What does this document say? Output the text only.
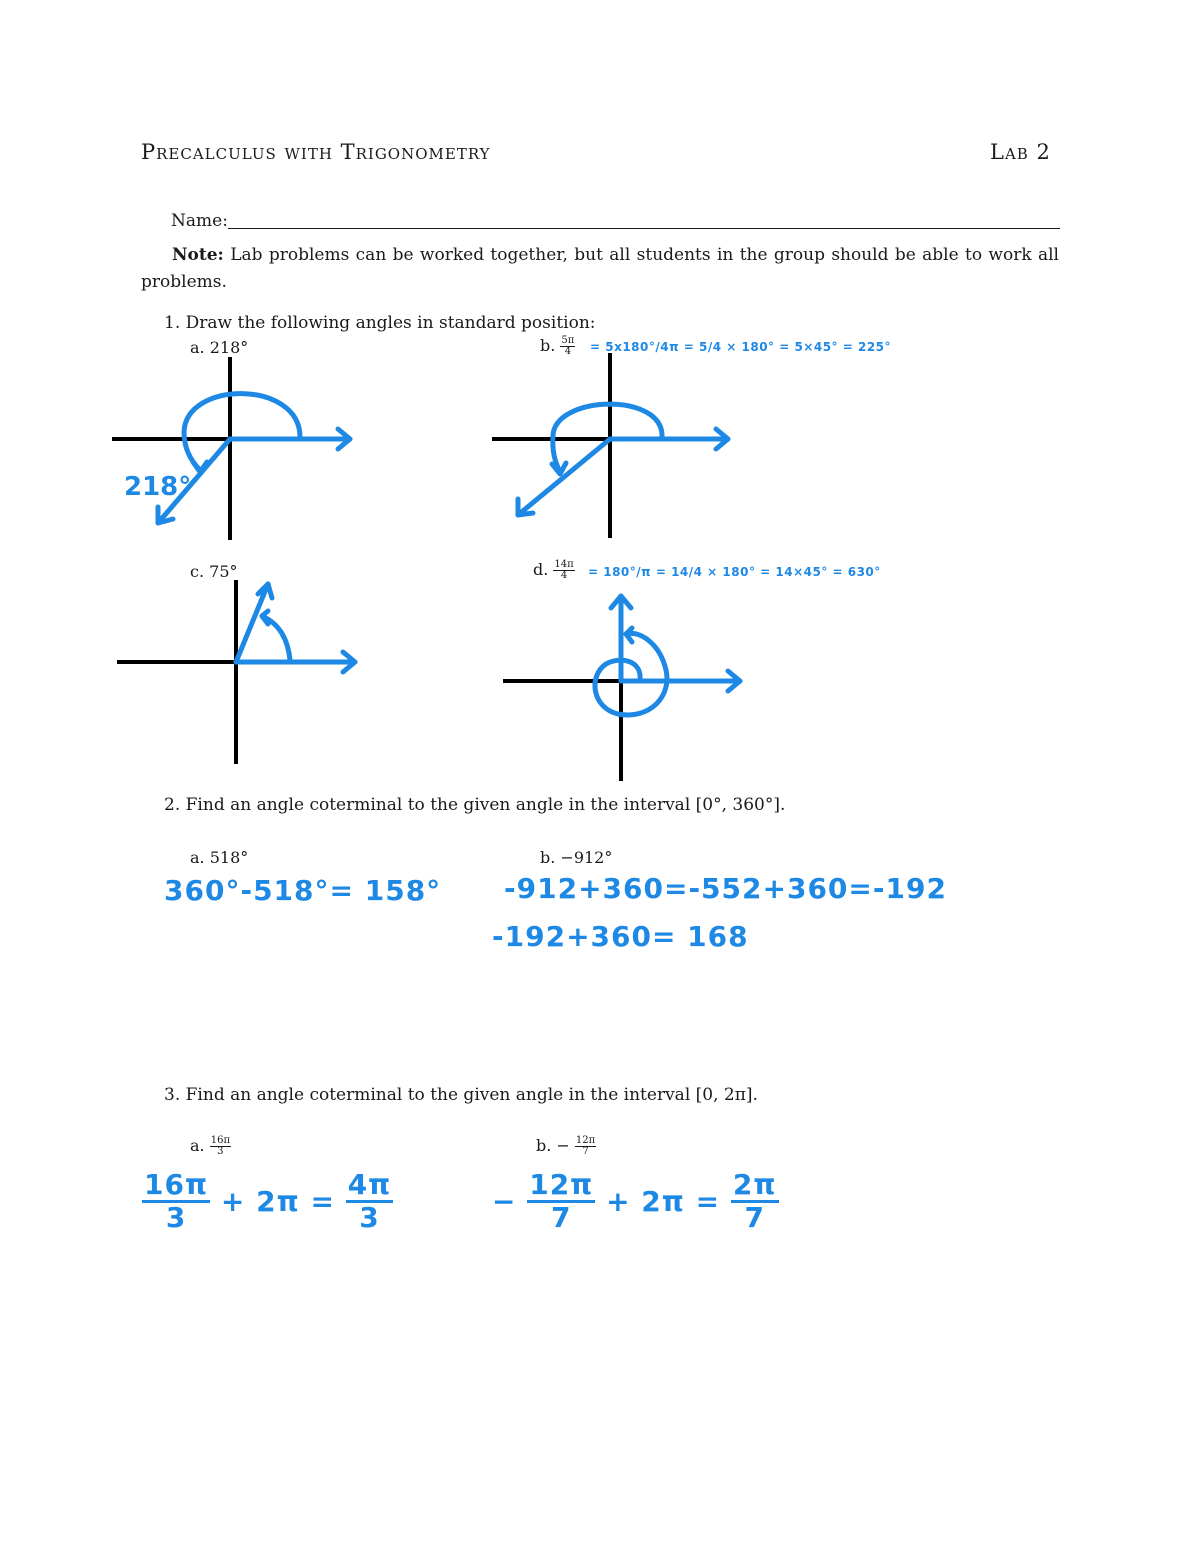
Precalculus with Trigonometry	Lab 2
Name:
Note: Lab problems can be worked together, but all students in the group should be able to work all problems.
1. Draw the following angles in standard position:
a. 218°	b. $\frac{5\pi}{4} = 5x180^\circ/4\pi = 5/4 \times 180^\circ = 5\times 45^\circ = 225^\circ$
218°
c. 75°	d. $\frac{14\pi}{4} = 180^\circ/\pi = 14/4 \times 180^\circ = 14\times 45^\circ = 630^\circ$
2. Find an angle coterminal to the given angle in the interval [0°, 360°].
a. 518°	b. −912°
360°-518°= 158° -912+360=-552+360=-192
-192+360= 168
3. Find an angle coterminal to the given angle in the interval [0, 2π].
a. $\frac{16\pi}{3}$	b. − $\frac{12\pi}{7}$
$\frac{16\pi}{3} + 2\pi = \frac{4\pi}{3}$	− $\frac{12\pi}{7} + 2\pi = \frac{2\pi}{7}$
